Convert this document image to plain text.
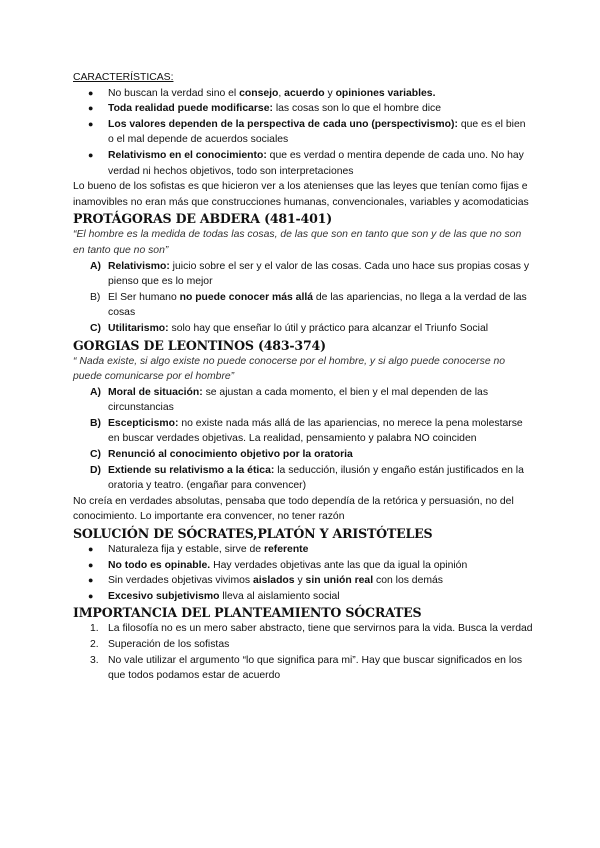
CARACTERÍSTICAS:
● No buscan la verdad sino el consejo, acuerdo y opiniones variables.
● Toda realidad puede modificarse: las cosas son lo que el hombre dice
● Los valores dependen de la perspectiva de cada uno (perspectivismo): que es el bien o el mal depende de acuerdos sociales
● Relativismo en el conocimiento: que es verdad o mentira depende de cada uno. No hay verdad ni hechos objetivos, todo son interpretaciones
Lo bueno de los sofistas es que hicieron ver a los atenienses que las leyes que tenían como fijas e inamovibles no eran más que construcciones humanas, convencionales, variables y acomodaticias
PROTÁGORAS DE ABDERA (481-401)
“El hombre es la medida de todas las cosas, de las que son en tanto que son y de las que no son en tanto que no son”
A) Relativismo: juicio sobre el ser y el valor de las cosas. Cada uno hace sus propias cosas y pienso que es lo mejor
B) El Ser humano no puede conocer más allá de las apariencias, no llega a la verdad de las cosas
C) Utilitarismo: solo hay que enseñar lo útil y práctico para alcanzar el Triunfo Social
GORGIAS DE LEONTINOS (483-374)
“ Nada existe, si algo existe no puede conocerse por el hombre, y si algo puede conocerse no puede comunicarse por el hombre”
A) Moral de situación: se ajustan a cada momento, el bien y el mal dependen de las circunstancias
B) Escepticismo: no existe nada más allá de las apariencias, no merece la pena molestarse en buscar verdades objetivas. La realidad, pensamiento y palabra NO coinciden
C) Renunció al conocimiento objetivo por la oratoria
D) Extiende su relativismo a la ética: la seducción, ilusión y engaño están justificados en la oratoria y teatro. (engañar para convencer)
No creía en verdades absolutas, pensaba que todo dependía de la retórica y persuasión, no del conocimiento. Lo importante era convencer, no tener razón
SOLUCIÓN DE SÓCRATES,PLATÓN Y ARISTÓTELES
● Naturaleza fija y estable, sirve de referente
● No todo es opinable. Hay verdades objetivas ante las que da igual la opinión
● Sin verdades objetivas vivimos aislados y sin unión real con los demás
● Excesivo subjetivismo lleva al aislamiento social
IMPORTANCIA DEL PLANTEAMIENTO SÓCRATES
1. La filosofía no es un mero saber abstracto, tiene que servirnos para la vida. Busca la verdad
2. Superación de los sofistas
3. No vale utilizar el argumento “lo que significa para mi”. Hay que buscar significados en los que todos podamos estar de acuerdo
